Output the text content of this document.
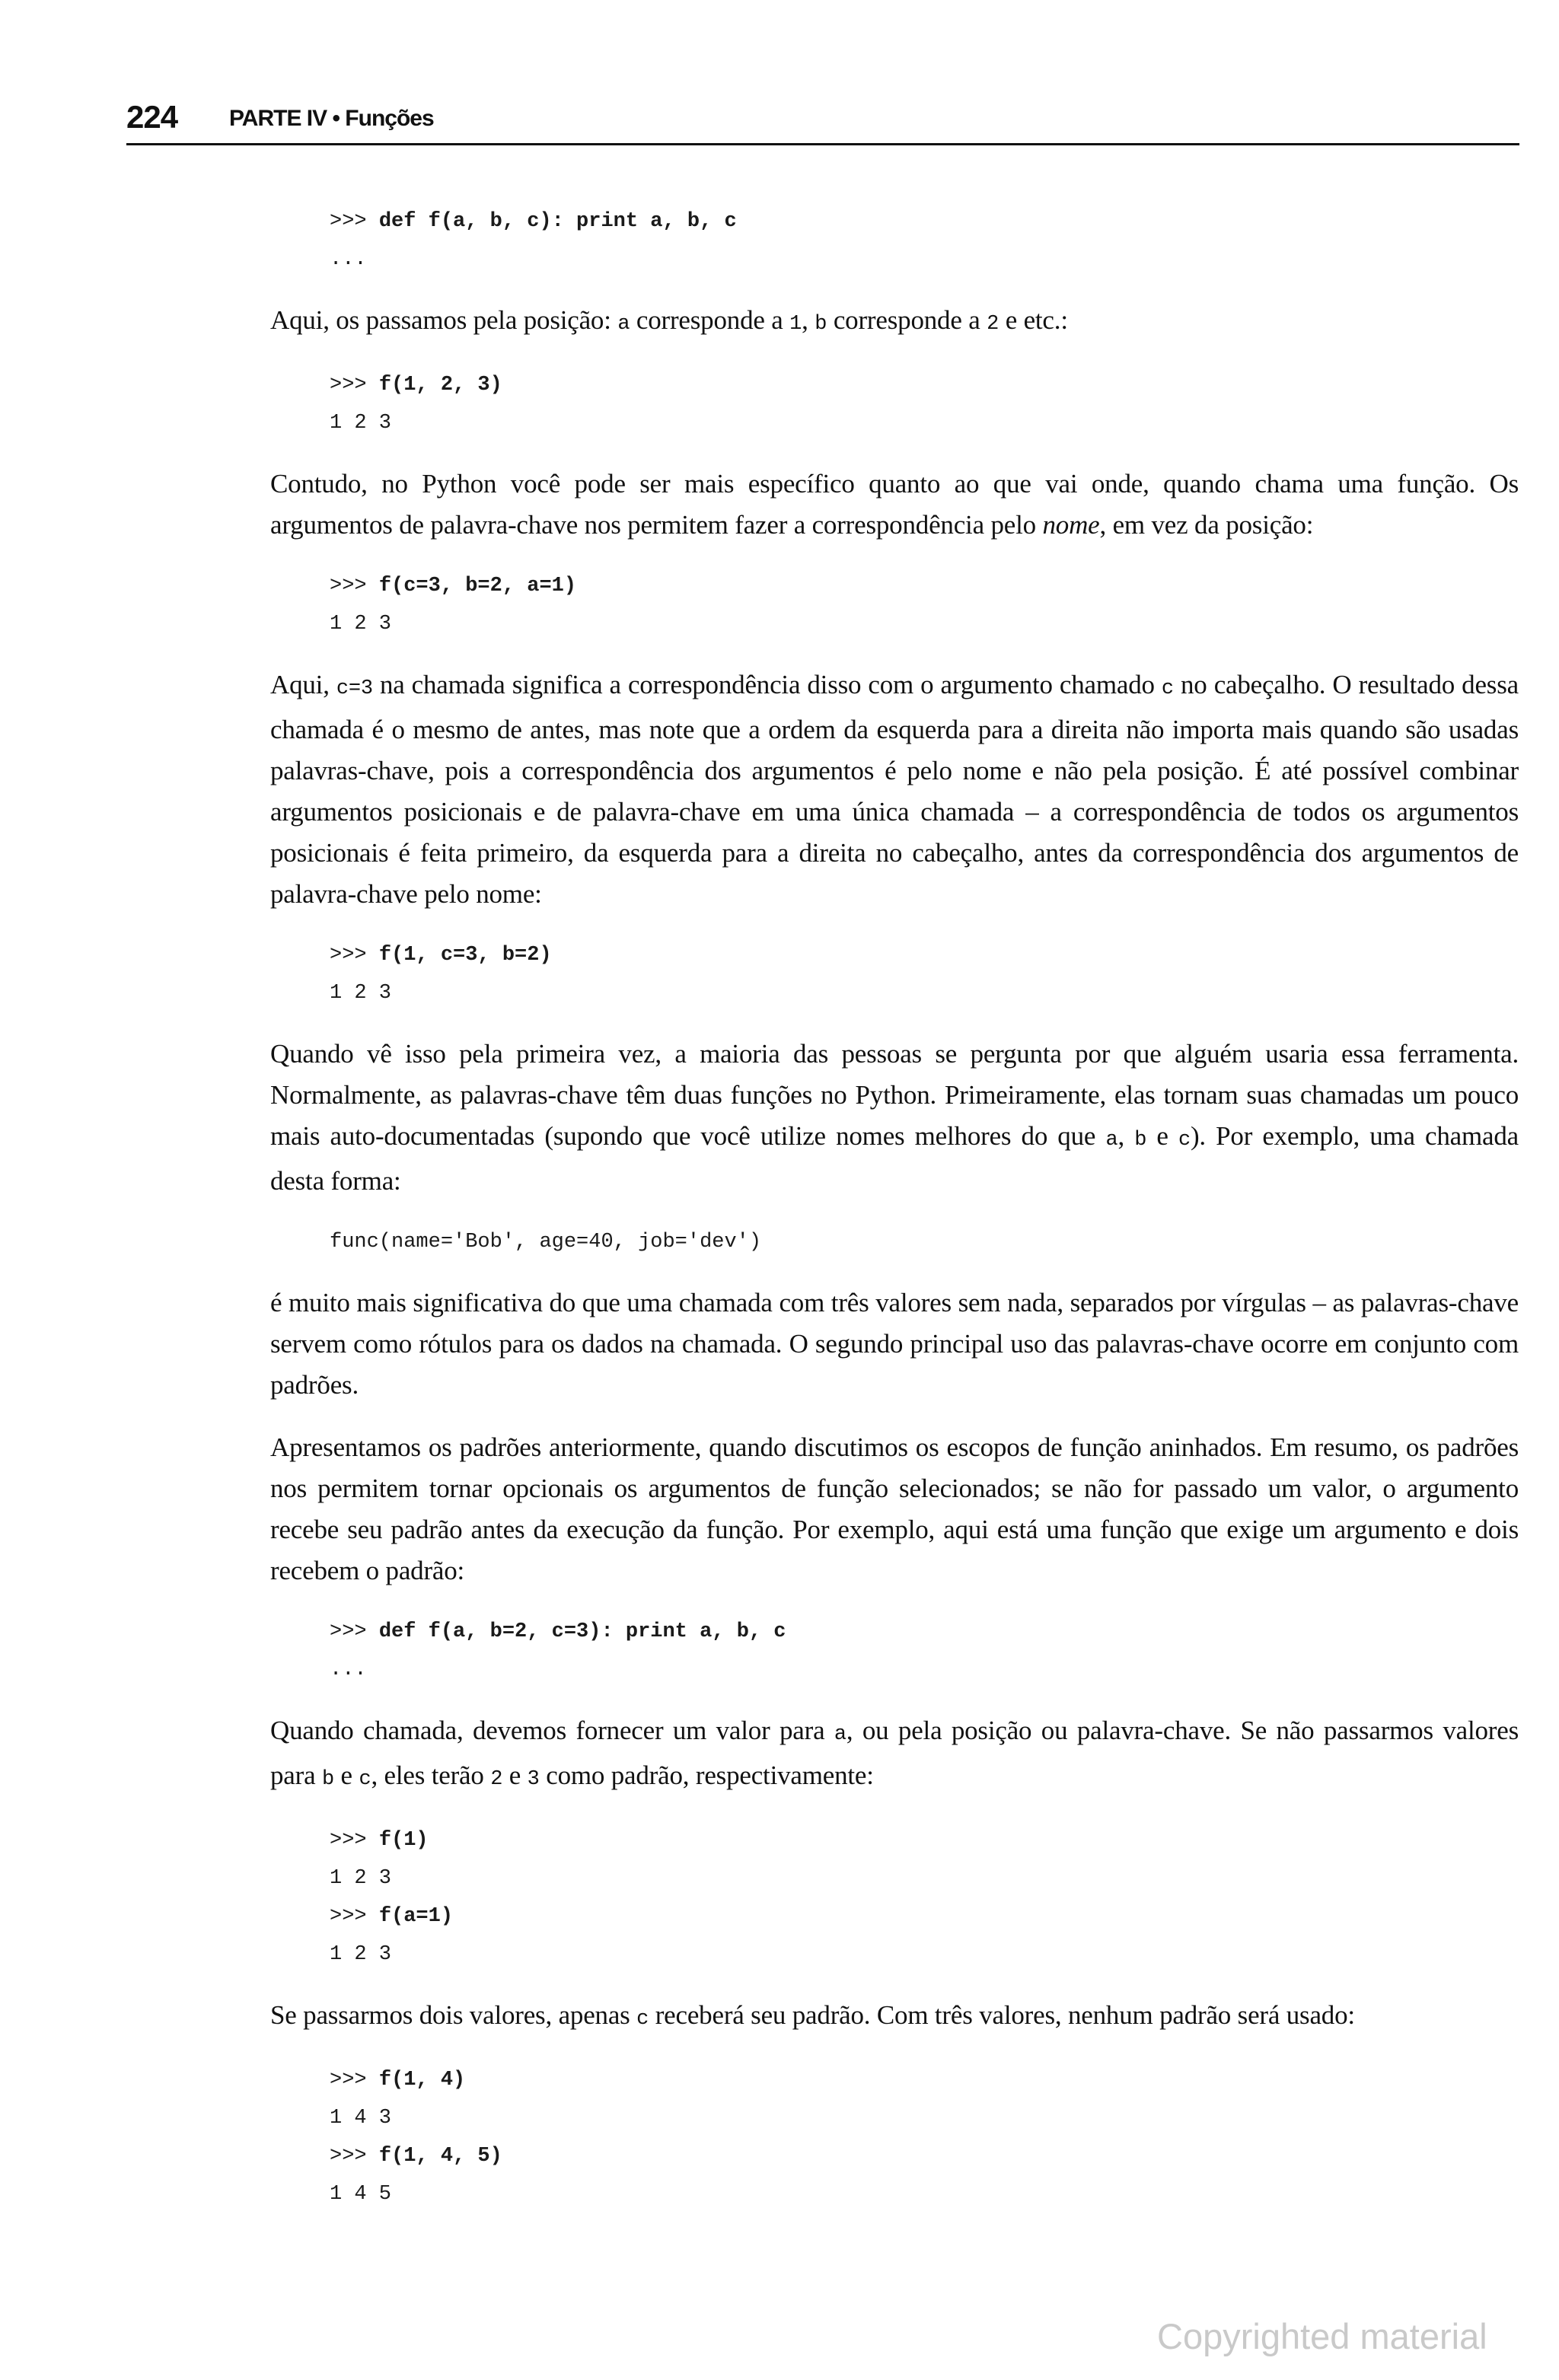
224 PARTE IV • Funções
>>> def f(a, b, c): print a, b, c
...

Aqui, os passamos pela posição: a corresponde a 1, b corresponde a 2 e etc.:

>>> f(1, 2, 3)
1 2 3

Contudo, no Python você pode ser mais específico quanto ao que vai onde, quando chama uma função. Os argumentos de palavra-chave nos permitem fazer a correspondência pelo nome, em vez da posição:

>>> f(c=3, b=2, a=1)
1 2 3

Aqui, c=3 na chamada significa a correspondência disso com o argumento chamado c no cabeçalho. O resultado dessa chamada é o mesmo de antes, mas note que a ordem da esquerda para a direita não importa mais quando são usadas palavras-chave, pois a correspondência dos argumentos é pelo nome e não pela posição. É até possível combinar argumentos posicionais e de palavra-chave em uma única chamada – a correspondência de todos os argumentos posicionais é feita primeiro, da esquerda para a direita no cabeçalho, antes da correspondência dos argumentos de palavra-chave pelo nome:

>>> f(1, c=3, b=2)
1 2 3

Quando vê isso pela primeira vez, a maioria das pessoas se pergunta por que alguém usaria essa ferramenta. Normalmente, as palavras-chave têm duas funções no Python. Primeiramente, elas tornam suas chamadas um pouco mais auto-documentadas (supondo que você utilize nomes melhores do que a, b e c). Por exemplo, uma chamada desta forma:

func(name='Bob', age=40, job='dev')

é muito mais significativa do que uma chamada com três valores sem nada, separados por vírgulas – as palavras-chave servem como rótulos para os dados na chamada. O segundo principal uso das palavras-chave ocorre em conjunto com padrões.

Apresentamos os padrões anteriormente, quando discutimos os escopos de função aninhados. Em resumo, os padrões nos permitem tornar opcionais os argumentos de função selecionados; se não for passado um valor, o argumento recebe seu padrão antes da execução da função. Por exemplo, aqui está uma função que exige um argumento e dois recebem o padrão:

>>> def f(a, b=2, c=3): print a, b, c
...

Quando chamada, devemos fornecer um valor para a, ou pela posição ou palavra-chave. Se não passarmos valores para b e c, eles terão 2 e 3 como padrão, respectivamente:

>>> f(1)
1 2 3
>>> f(a=1)
1 2 3

Se passarmos dois valores, apenas c receberá seu padrão. Com três valores, nenhum padrão será usado:

>>> f(1, 4)
1 4 3
>>> f(1, 4, 5)
1 4 5
Copyrighted material
